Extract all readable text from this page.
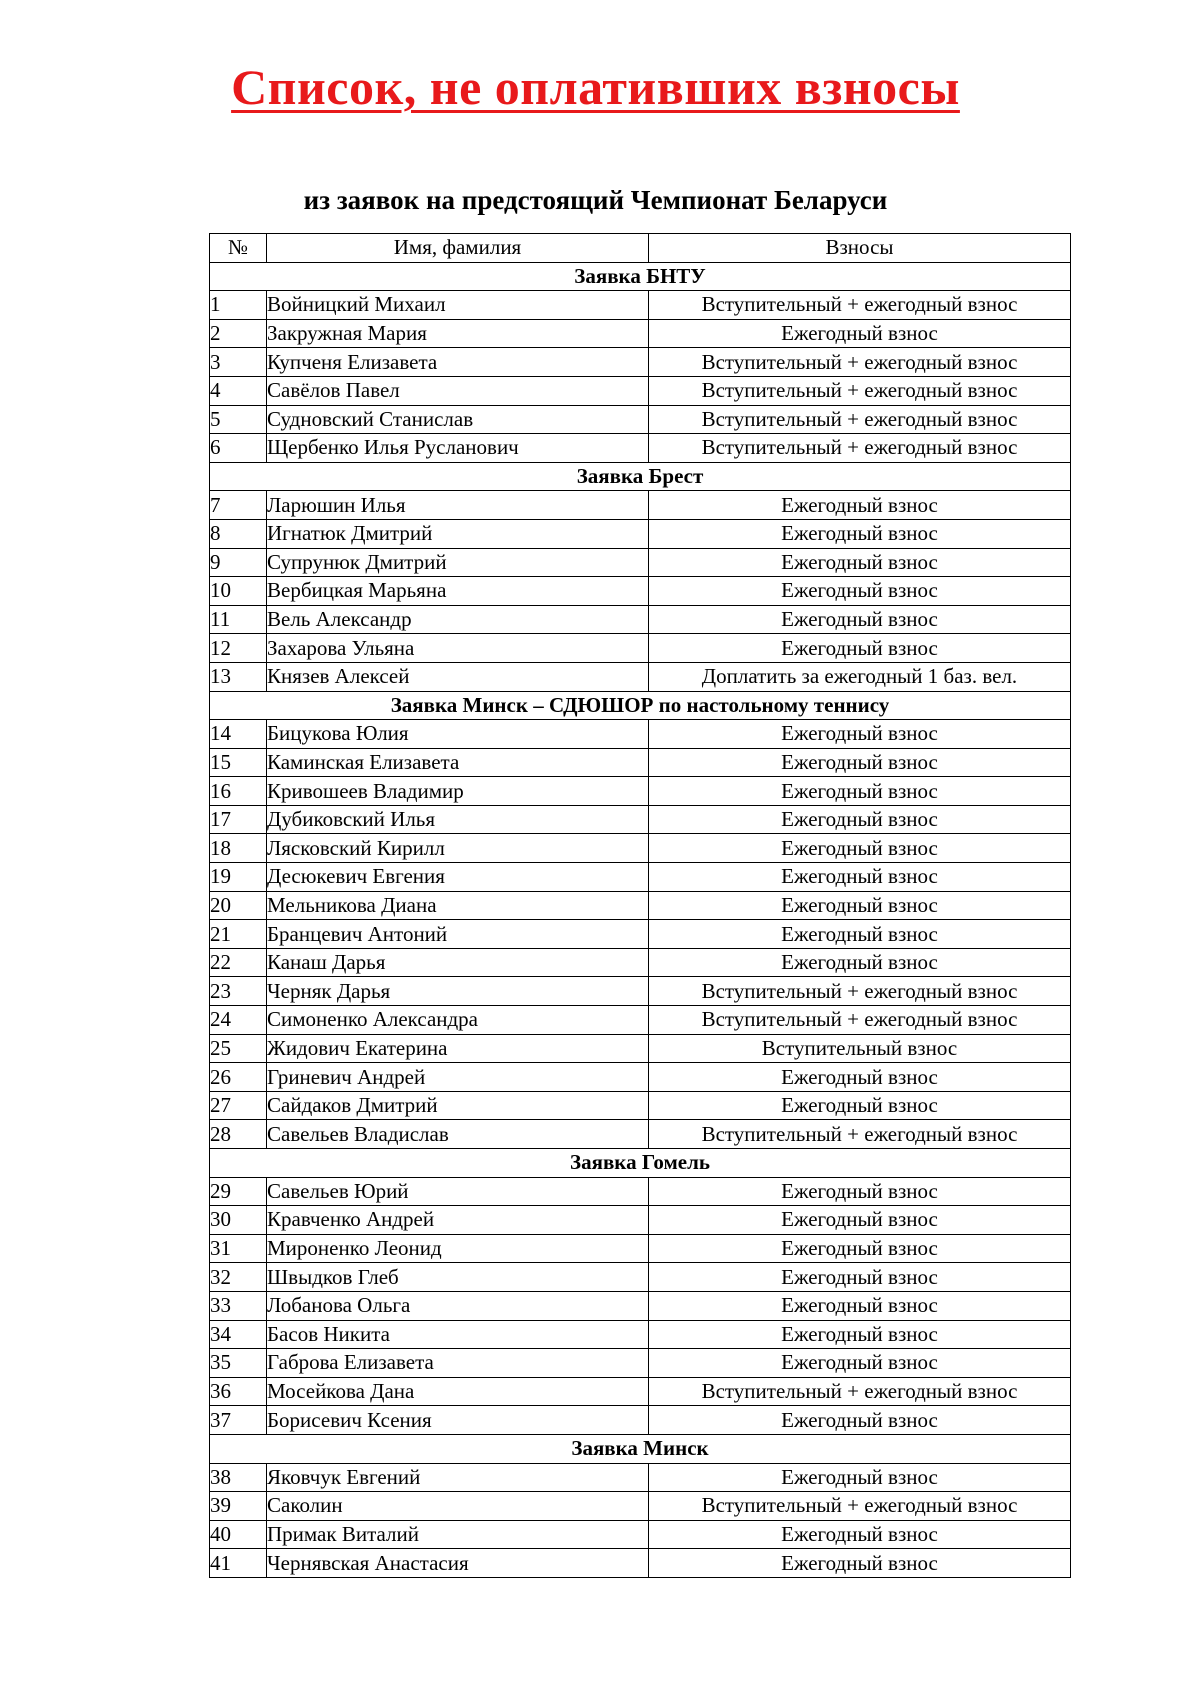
Список, не оплативших взносы
из заявок на предстоящий Чемпионат Беларуси
№	Имя, фамилия	Взносы
Заявка БНТУ		
1	Войницкий Михаил	Вступительный + ежегодный взнос
2	Закружная Мария	Ежегодный взнос
3	Купченя Елизавета	Вступительный + ежегодный взнос
4	Савёлов Павел	Вступительный + ежегодный взнос
5	Судновский Станислав	Вступительный + ежегодный взнос
6	Щербенко Илья Русланович	Вступительный + ежегодный взнос
Заявка Брест		
7	Ларюшин Илья	Ежегодный взнос
8	Игнатюк Дмитрий	Ежегодный взнос
9	Супрунюк Дмитрий	Ежегодный взнос
10	Вербицкая Марьяна	Ежегодный взнос
11	Вель Александр	Ежегодный взнос
12	Захарова Ульяна	Ежегодный взнос
13	Князев Алексей	Доплатить за ежегодный 1 баз. вел.
Заявка Минск – СДЮШОР по настольному теннису		
14	Бицукова Юлия	Ежегодный взнос
15	Каминская Елизавета	Ежегодный взнос
16	Кривошеев Владимир	Ежегодный взнос
17	Дубиковский Илья	Ежегодный взнос
18	Лясковский Кирилл	Ежегодный взнос
19	Десюкевич Евгения	Ежегодный взнос
20	Мельникова Диана	Ежегодный взнос
21	Бранцевич Антоний	Ежегодный взнос
22	Канаш Дарья	Ежегодный взнос
23	Черняк Дарья	Вступительный + ежегодный взнос
24	Симоненко Александра	Вступительный + ежегодный взнос
25	Жидович Екатерина	Вступительный взнос
26	Гриневич Андрей	Ежегодный взнос
27	Сайдаков Дмитрий	Ежегодный взнос
28	Савельев Владислав	Вступительный + ежегодный взнос
Заявка Гомель		
29	Савельев Юрий	Ежегодный взнос
30	Кравченко Андрей	Ежегодный взнос
31	Мироненко Леонид	Ежегодный взнос
32	Швыдков Глеб	Ежегодный взнос
33	Лобанова Ольга	Ежегодный взнос
34	Басов Никита	Ежегодный взнос
35	Габрова Елизавета	Ежегодный взнос
36	Мосейкова Дана	Вступительный + ежегодный взнос
37	Борисевич Ксения	Ежегодный взнос
Заявка Минск		
38	Яковчук Евгений	Ежегодный взнос
39	Саколин	Вступительный + ежегодный взнос
40	Примак Виталий	Ежегодный взнос
41	Чернявская Анастасия	Ежегодный взнос
